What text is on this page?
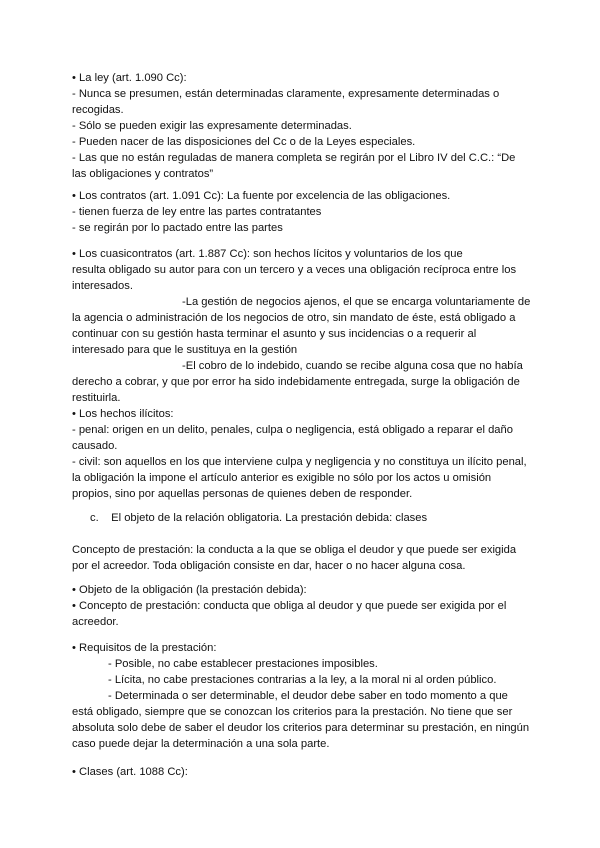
• La ley (art. 1.090 Cc):
- Nunca se presumen, están determinadas claramente, expresamente determinadas o
recogidas.
- Sólo se pueden exigir las expresamente determinadas.
- Pueden nacer de las disposiciones del Cc o de la Leyes especiales.
- Las que no están reguladas de manera completa se regirán por el Libro IV del C.C.: “De
las obligaciones y contratos”
• Los contratos (art. 1.091 Cc): La fuente por excelencia de las obligaciones.
- tienen fuerza de ley entre las partes contratantes
- se regirán por lo pactado entre las partes
• Los cuasicontratos (art. 1.887 Cc): son hechos lícitos y voluntarios de los que
resulta obligado su autor para con un tercero y a veces una obligación recíproca entre los
interesados.
-La gestión de negocios ajenos, el que se encarga voluntariamente de
la agencia o administración de los negocios de otro, sin mandato de éste, está obligado a
continuar con su gestión hasta terminar el asunto y sus incidencias o a requerir al
interesado para que le sustituya en la gestión
-El cobro de lo indebido, cuando se recibe alguna cosa que no había
derecho a cobrar, y que por error ha sido indebidamente entregada, surge la obligación de
restituirla.
• Los hechos ilícitos:
- penal: origen en un delito, penales, culpa o negligencia, está obligado a reparar el daño
causado.
- civil: son aquellos en los que interviene culpa y negligencia y no constituya un ilícito penal,
la obligación la impone el artículo anterior es exigible no sólo por los actos u omisión
propios, sino por aquellas personas de quienes deben de responder.
c.    El objeto de la relación obligatoria. La prestación debida: clases
Concepto de prestación: la conducta a la que se obliga el deudor y que puede ser exigida
por el acreedor. Toda obligación consiste en dar, hacer o no hacer alguna cosa.
• Objeto de la obligación (la prestación debida):
• Concepto de prestación: conducta que obliga al deudor y que puede ser exigida por el
acreedor.
• Requisitos de la prestación:
- Posible, no cabe establecer prestaciones imposibles.
- Lícita, no cabe prestaciones contrarias a la ley, a la moral ni al orden público.
- Determinada o ser determinable, el deudor debe saber en todo momento a que
está obligado, siempre que se conozcan los criterios para la prestación. No tiene que ser
absoluta solo debe de saber el deudor los criterios para determinar su prestación, en ningún
caso puede dejar la determinación a una sola parte.
• Clases (art. 1088 Cc):
